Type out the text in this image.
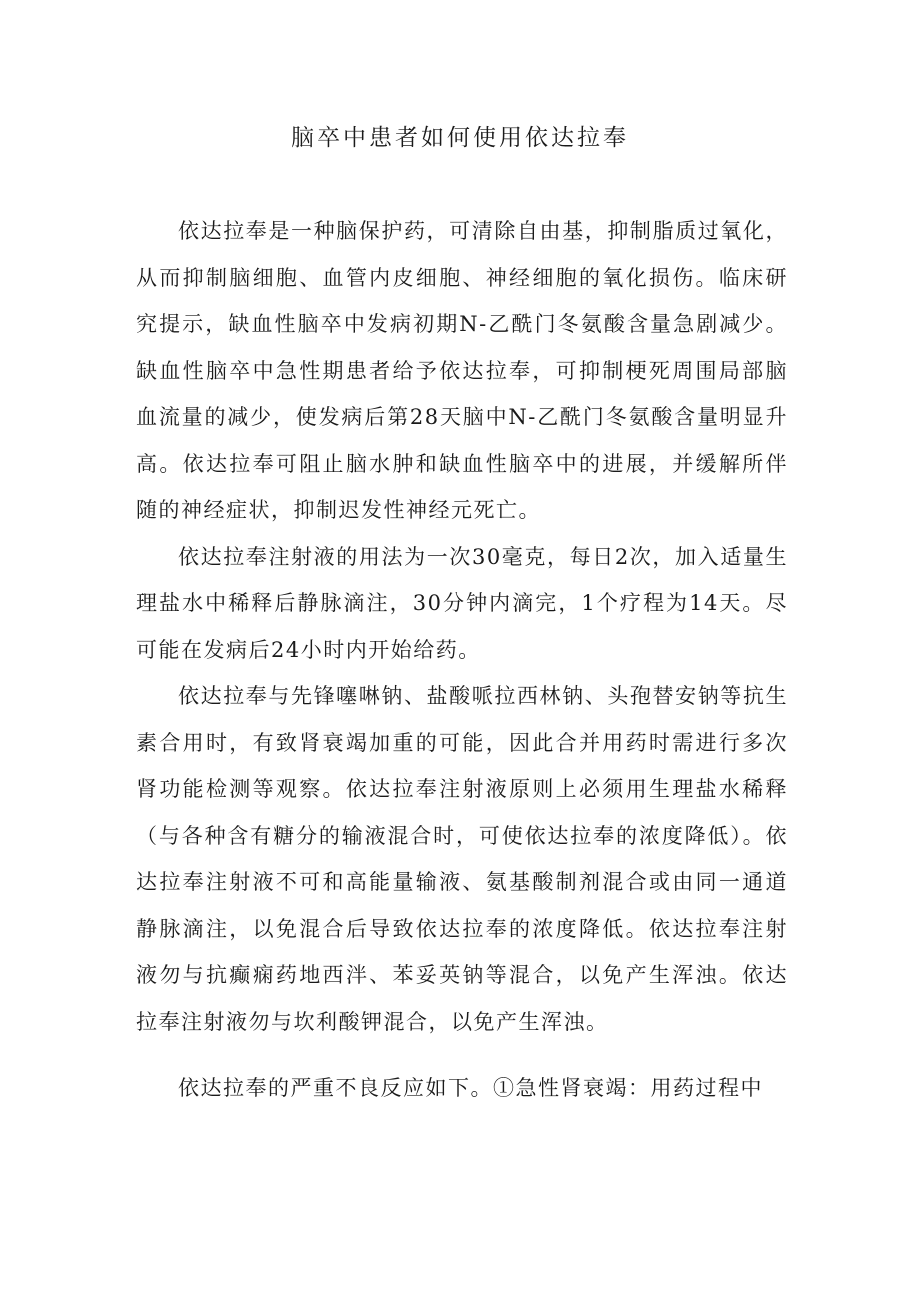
脑卒中患者如何使用依达拉奉

依达拉奉是一种脑保护药，可清除自由基，抑制脂质过氧化，从而抑制脑细胞、血管内皮细胞、神经细胞的氧化损伤。临床研究提示，缺血性脑卒中发病初期N-乙酰门冬氨酸含量急剧减少。缺血性脑卒中急性期患者给予依达拉奉，可抑制梗死周围局部脑血流量的减少，使发病后第28天脑中N-乙酰门冬氨酸含量明显升高。依达拉奉可阻止脑水肿和缺血性脑卒中的进展，并缓解所伴随的神经症状，抑制迟发性神经元死亡。

依达拉奉注射液的用法为一次30毫克，每日2次，加入适量生理盐水中稀释后静脉滴注，30分钟内滴完，1个疗程为14天。尽可能在发病后24小时内开始给药。

依达拉奉与先锋噻啉钠、盐酸哌拉西林钠、头孢替安钠等抗生素合用时，有致肾衰竭加重的可能，因此合并用药时需进行多次肾功能检测等观察。依达拉奉注射液原则上必须用生理盐水稀释（与各种含有糖分的输液混合时，可使依达拉奉的浓度降低）。依达拉奉注射液不可和高能量输液、氨基酸制剂混合或由同一通道静脉滴注，以免混合后导致依达拉奉的浓度降低。依达拉奉注射液勿与抗癫痫药地西泮、苯妥英钠等混合，以免产生浑浊。依达拉奉注射液勿与坎利酸钾混合，以免产生浑浊。

依达拉奉的严重不良反应如下。①急性肾衰竭：用药过程中
